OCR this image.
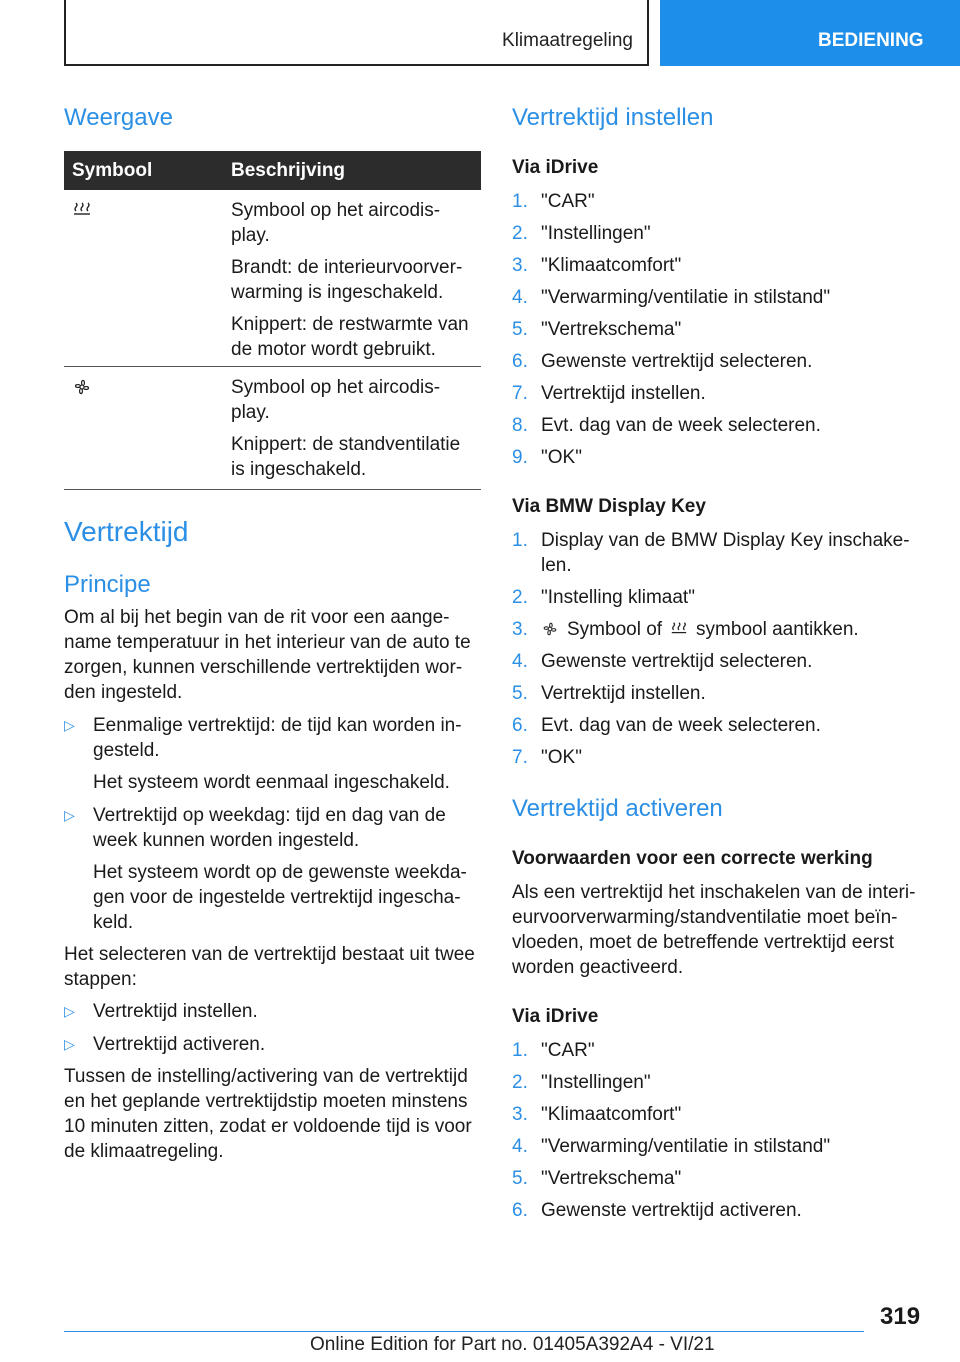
Klimaatregeling	BEDIENING
Weergave
Symbool	Beschrijving

Symbool op het aircodis-
play.

Brandt: de interieurvoorver-
warming is ingeschakeld.

Knippert: de restwarmte van
de motor wordt gebruikt.

Symbool op het aircodis-
play.

Knippert: de standventilatie
is ingeschakeld.

Vertrektijd
Principe

Om al bij het begin van de rit voor een aange-
name temperatuur in het interieur van de auto te
zorgen, kunnen verschillende vertrektijden wor-
den ingesteld.

▷ Eenmalige vertrektijd: de tijd kan worden in-
gesteld.
Het systeem wordt eenmaal ingeschakeld.
▷ Vertrektijd op weekdag: tijd en dag van de
week kunnen worden ingesteld.
Het systeem wordt op de gewenste weekda-
gen voor de ingestelde vertrektijd ingescha-
keld.

Het selecteren van de vertrektijd bestaat uit twee
stappen:

▷ Vertrektijd instellen.
▷ Vertrektijd activeren.

Tussen de instelling/activering van de vertrektijd
en het geplande vertrektijdstip moeten minstens
10 minuten zitten, zodat er voldoende tijd is voor
de klimaatregeling.

Vertrektijd instellen
Via iDrive
1. "CAR"
2. "Instellingen"
3. "Klimaatcomfort"
4. "Verwarming/ventilatie in stilstand"
5. "Vertrekschema"
6. Gewenste vertrektijd selecteren.
7. Vertrektijd instellen.
8. Evt. dag van de week selecteren.
9. "OK"
Via BMW Display Key
1. Display van de BMW Display Key inschake-
len.
2. "Instelling klimaat"
3. Symbool of symbool aantikken.
4. Gewenste vertrektijd selecteren.
5. Vertrektijd instellen.
6. Evt. dag van de week selecteren.
7. "OK"
Vertrektijd activeren
Voorwaarden voor een correcte werking

Als een vertrektijd het inschakelen van de interi-
eurvoorverwarming/standventilatie moet beïn-
vloeden, moet de betreffende vertrektijd eerst
worden geactiveerd.

Via iDrive
1. "CAR"
2. "Instellingen"
3. "Klimaatcomfort"
4. "Verwarming/ventilatie in stilstand"
5. "Vertrekschema"
6. Gewenste vertrektijd activeren.
319
Online Edition for Part no. 01405A392A4 - VI/21
